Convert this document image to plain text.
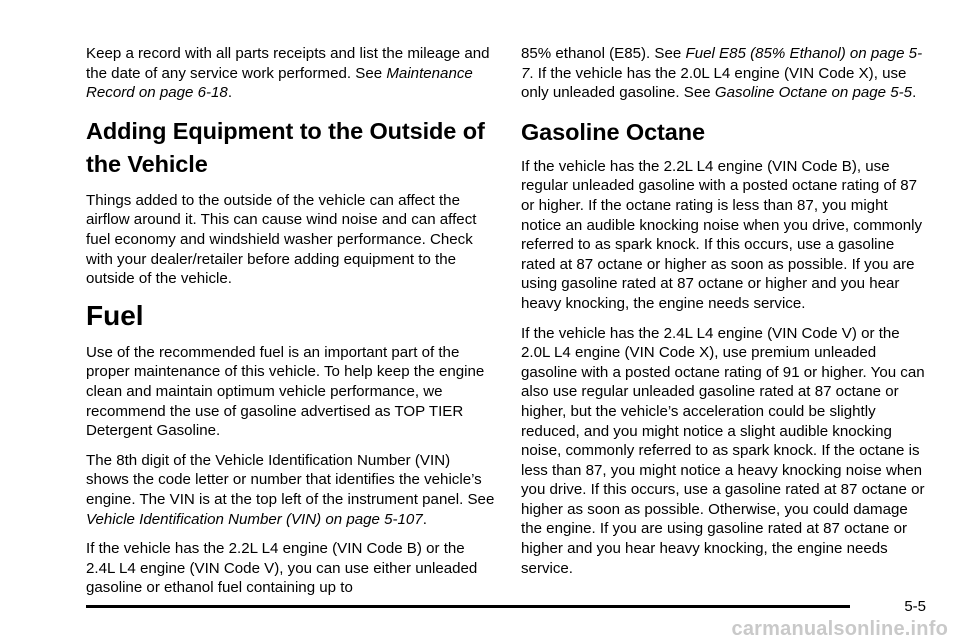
Keep a record with all parts receipts and list the mileage and the date of any service work performed. See Maintenance Record on page 6-18.

Adding Equipment to the Outside of the Vehicle

Things added to the outside of the vehicle can affect the airflow around it. This can cause wind noise and can affect fuel economy and windshield washer performance. Check with your dealer/retailer before adding equipment to the outside of the vehicle.

Fuel

Use of the recommended fuel is an important part of the proper maintenance of this vehicle. To help keep the engine clean and maintain optimum vehicle performance, we recommend the use of gasoline advertised as TOP TIER Detergent Gasoline.

The 8th digit of the Vehicle Identification Number (VIN) shows the code letter or number that identifies the vehicle’s engine. The VIN is at the top left of the instrument panel. See Vehicle Identification Number (VIN) on page 5-107.

If the vehicle has the 2.2L L4 engine (VIN Code B) or the 2.4L L4 engine (VIN Code V), you can use either unleaded gasoline or ethanol fuel containing up to

85% ethanol (E85). See Fuel E85 (85% Ethanol) on page 5-7. If the vehicle has the 2.0L L4 engine (VIN Code X), use only unleaded gasoline. See Gasoline Octane on page 5-5.

Gasoline Octane

If the vehicle has the 2.2L L4 engine (VIN Code B), use regular unleaded gasoline with a posted octane rating of 87 or higher. If the octane rating is less than 87, you might notice an audible knocking noise when you drive, commonly referred to as spark knock. If this occurs, use a gasoline rated at 87 octane or higher as soon as possible. If you are using gasoline rated at 87 octane or higher and you hear heavy knocking, the engine needs service.

If the vehicle has the 2.4L L4 engine (VIN Code V) or the 2.0L L4 engine (VIN Code X), use premium unleaded gasoline with a posted octane rating of 91 or higher. You can also use regular unleaded gasoline rated at 87 octane or higher, but the vehicle’s acceleration could be slightly reduced, and you might notice a slight audible knocking noise, commonly referred to as spark knock. If the octane is less than 87, you might notice a heavy knocking noise when you drive. If this occurs, use a gasoline rated at 87 octane or higher as soon as possible. Otherwise, you could damage the engine. If you are using gasoline rated at 87 octane or higher and you hear heavy knocking, the engine needs service.

5-5
carmanualsonline.info
